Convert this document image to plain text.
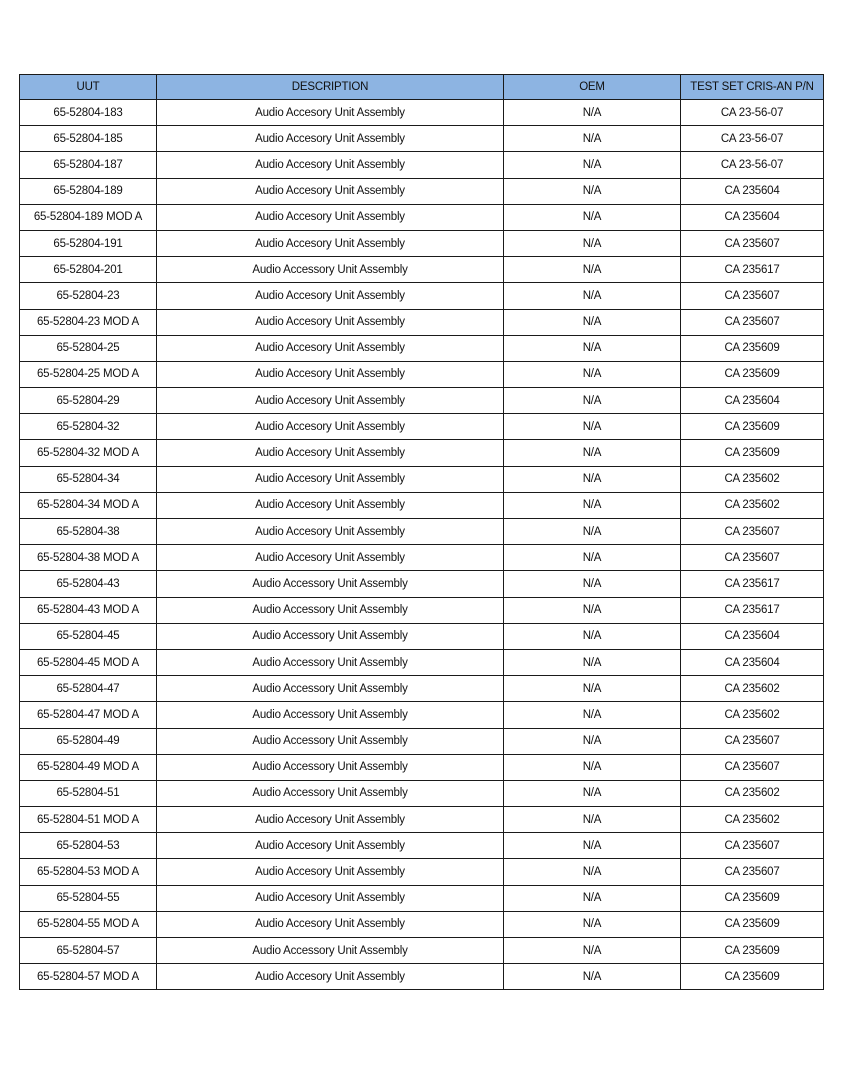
UUT	DESCRIPTION	OEM	TEST SET CRIS-AN P/N
65-52804-183	Audio Accesory Unit Assembly	N/A	CA 23-56-07
65-52804-185	Audio Accesory Unit Assembly	N/A	CA 23-56-07
65-52804-187	Audio Accesory Unit Assembly	N/A	CA 23-56-07
65-52804-189	Audio Accesory Unit Assembly	N/A	CA 235604
65-52804-189 MOD A	Audio Accesory Unit Assembly	N/A	CA 235604
65-52804-191	Audio Accesory Unit Assembly	N/A	CA 235607
65-52804-201	Audio Accessory Unit Assembly	N/A	CA 235617
65-52804-23	Audio Accesory Unit Assembly	N/A	CA 235607
65-52804-23 MOD A	Audio Accesory Unit Assembly	N/A	CA 235607
65-52804-25	Audio Accesory Unit Assembly	N/A	CA 235609
65-52804-25 MOD A	Audio Accesory Unit Assembly	N/A	CA 235609
65-52804-29	Audio Accesory Unit Assembly	N/A	CA 235604
65-52804-32	Audio Accesory Unit Assembly	N/A	CA 235609
65-52804-32 MOD A	Audio Accesory Unit Assembly	N/A	CA 235609
65-52804-34	Audio Accesory Unit Assembly	N/A	CA 235602
65-52804-34 MOD A	Audio Accesory Unit Assembly	N/A	CA 235602
65-52804-38	Audio Accesory Unit Assembly	N/A	CA 235607
65-52804-38 MOD A	Audio Accesory Unit Assembly	N/A	CA 235607
65-52804-43	Audio Accessory Unit Assembly	N/A	CA 235617
65-52804-43 MOD A	Audio Accessory Unit Assembly	N/A	CA 235617
65-52804-45	Audio Accessory Unit Assembly	N/A	CA 235604
65-52804-45 MOD A	Audio Accessory Unit Assembly	N/A	CA 235604
65-52804-47	Audio Accessory Unit Assembly	N/A	CA 235602
65-52804-47 MOD A	Audio Accessory Unit Assembly	N/A	CA 235602
65-52804-49	Audio Accessory Unit Assembly	N/A	CA 235607
65-52804-49 MOD A	Audio Accessory Unit Assembly	N/A	CA 235607
65-52804-51	Audio Accessory Unit Assembly	N/A	CA 235602
65-52804-51 MOD A	Audio Accesory Unit Assembly	N/A	CA 235602
65-52804-53	Audio Accesory Unit Assembly	N/A	CA 235607
65-52804-53 MOD A	Audio Accesory Unit Assembly	N/A	CA 235607
65-52804-55	Audio Accesory Unit Assembly	N/A	CA 235609
65-52804-55 MOD A	Audio Accesory Unit Assembly	N/A	CA 235609
65-52804-57	Audio Accessory Unit Assembly	N/A	CA 235609
65-52804-57 MOD A	Audio Accesory Unit Assembly	N/A	CA 235609
